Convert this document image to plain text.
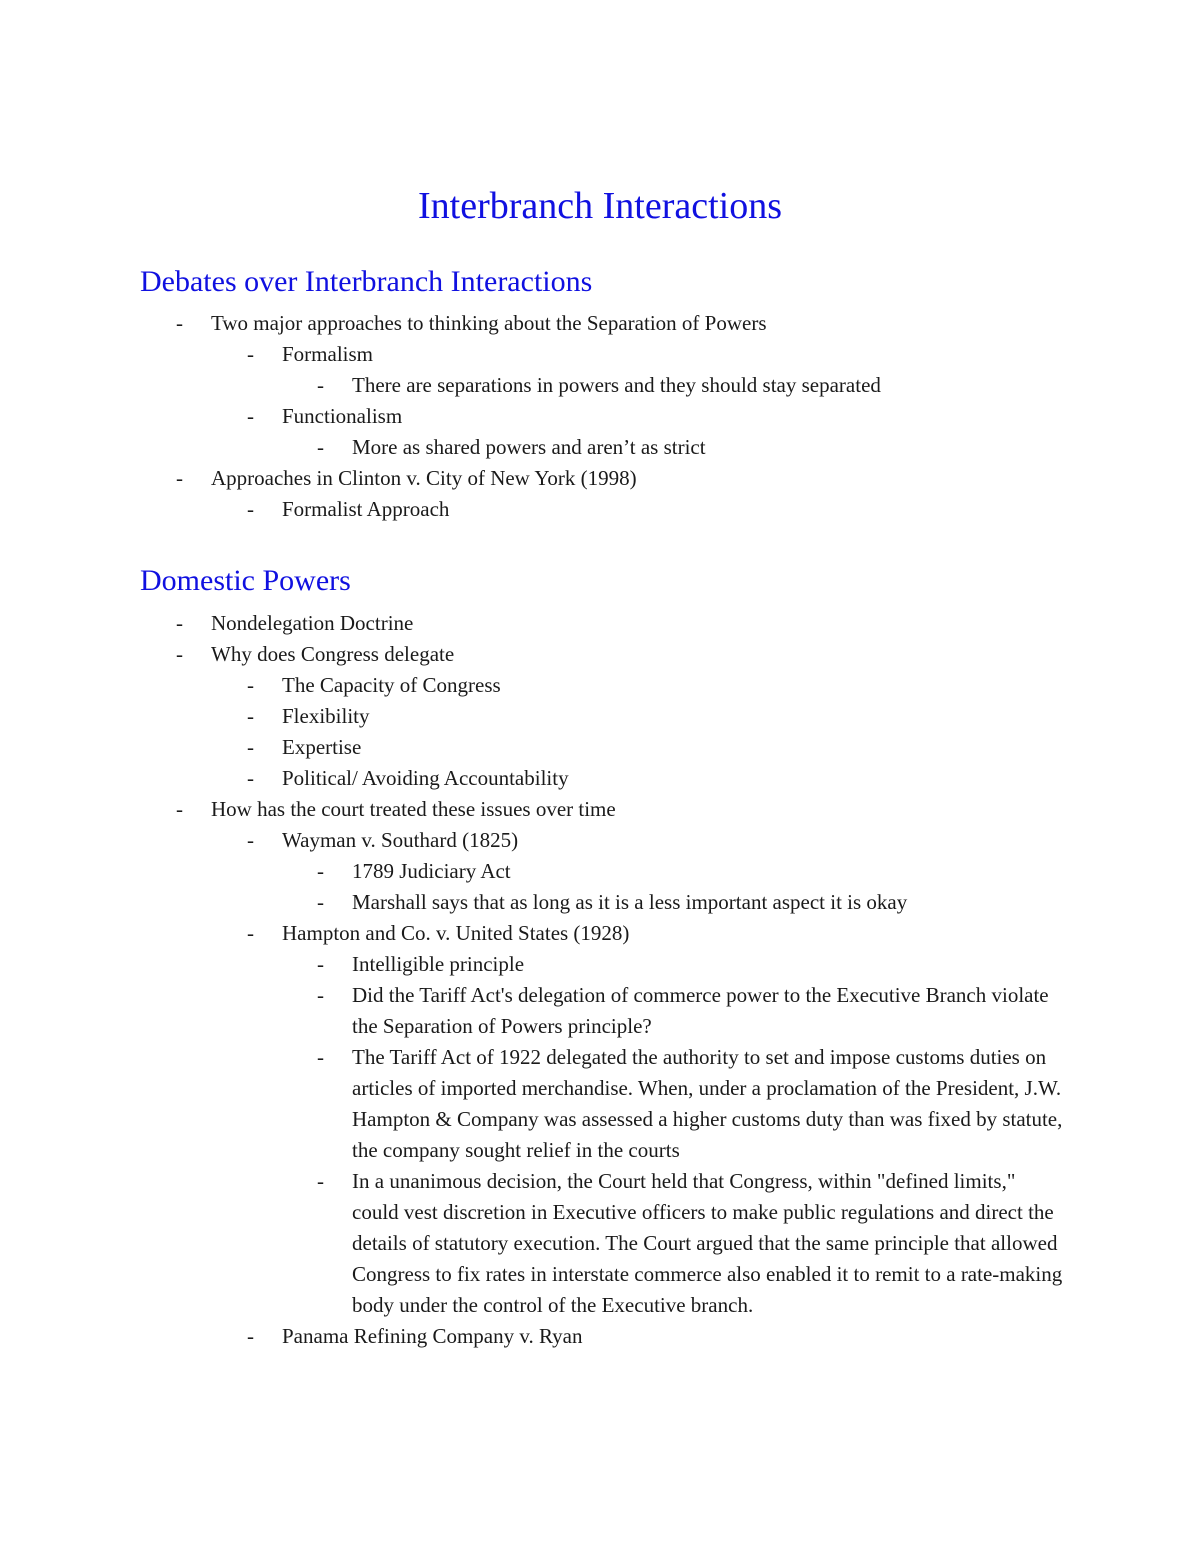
Interbranch Interactions
Debates over Interbranch Interactions
- Two major approaches to thinking about the Separation of Powers
- Formalism
- There are separations in powers and they should stay separated
- Functionalism
- More as shared powers and aren’t as strict
- Approaches in Clinton v. City of New York (1998)
- Formalist Approach
Domestic Powers
- Nondelegation Doctrine
- Why does Congress delegate
- The Capacity of Congress
- Flexibility
- Expertise
- Political/ Avoiding Accountability
- How has the court treated these issues over time
- Wayman v. Southard (1825)
- 1789 Judiciary Act
- Marshall says that as long as it is a less important aspect it is okay
- Hampton and Co. v. United States (1928)
- Intelligible principle
- Did the Tariff Act's delegation of commerce power to the Executive Branch violate the Separation of Powers principle?
- The Tariff Act of 1922 delegated the authority to set and impose customs duties on articles of imported merchandise. When, under a proclamation of the President, J.W. Hampton & Company was assessed a higher customs duty than was fixed by statute, the company sought relief in the courts
- In a unanimous decision, the Court held that Congress, within "defined limits," could vest discretion in Executive officers to make public regulations and direct the details of statutory execution. The Court argued that the same principle that allowed Congress to fix rates in interstate commerce also enabled it to remit to a rate-making body under the control of the Executive branch.
- Panama Refining Company v. Ryan
